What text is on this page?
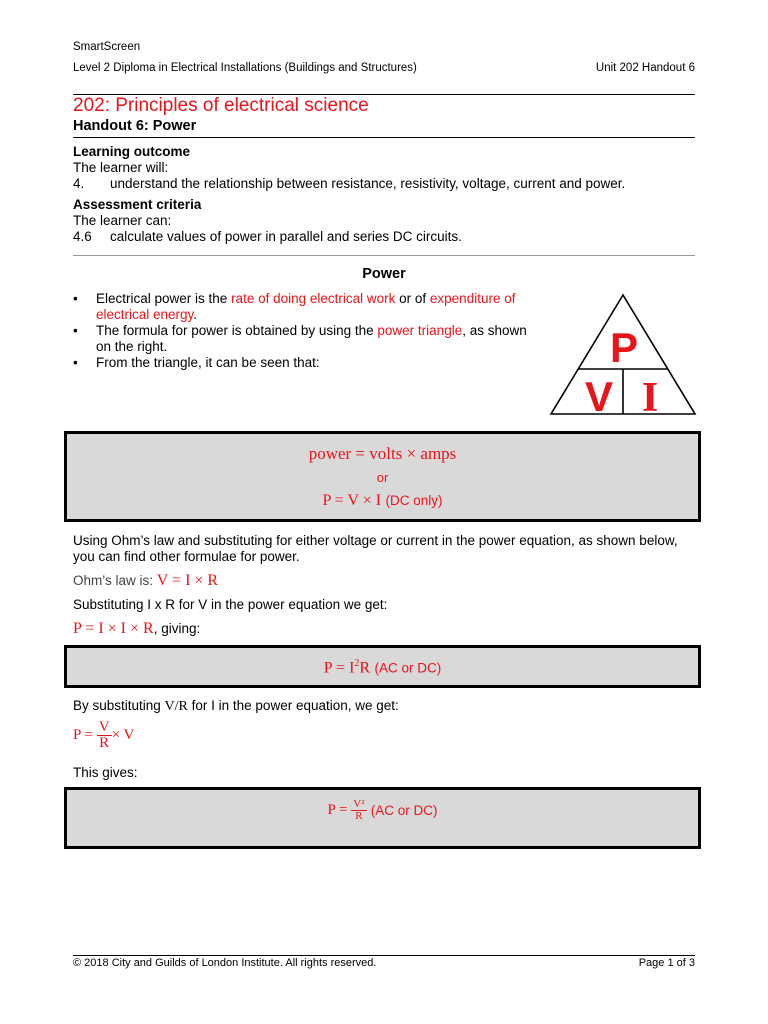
SmartScreen
Level 2 Diploma in Electrical Installations (Buildings and Structures)	Unit 202 Handout 6
202: Principles of electrical science
Handout 6: Power
Learning outcome
The learner will:
4. understand the relationship between resistance, resistivity, voltage, current and power.
Assessment criteria
The learner can:
4.6 calculate values of power in parallel and series DC circuits.
Power
• Electrical power is the rate of doing electrical work or of expenditure of electrical energy.
• The formula for power is obtained by using the power triangle, as shown on the right.
• From the triangle, it can be seen that:	P
V I
power = volts × amps
or
P = V × I (DC only)
Using Ohm’s law and substituting for either voltage or current in the power equation, as shown below, you can find other formulae for power.
Ohm’s law is: V = I × R
Substituting I x R for V in the power equation we get:
P = I × I × R, giving:
$P = I^2R$ (AC or DC)
By substituting V/R for I in the power equation, we get:
$P = \frac{V}{R} \times V$
This gives:
$P = \frac{\text{V²}}{R} (AC$ or DC)
© 2018 City and Guilds of London Institute. All rights reserved.	Page 1 of 3
